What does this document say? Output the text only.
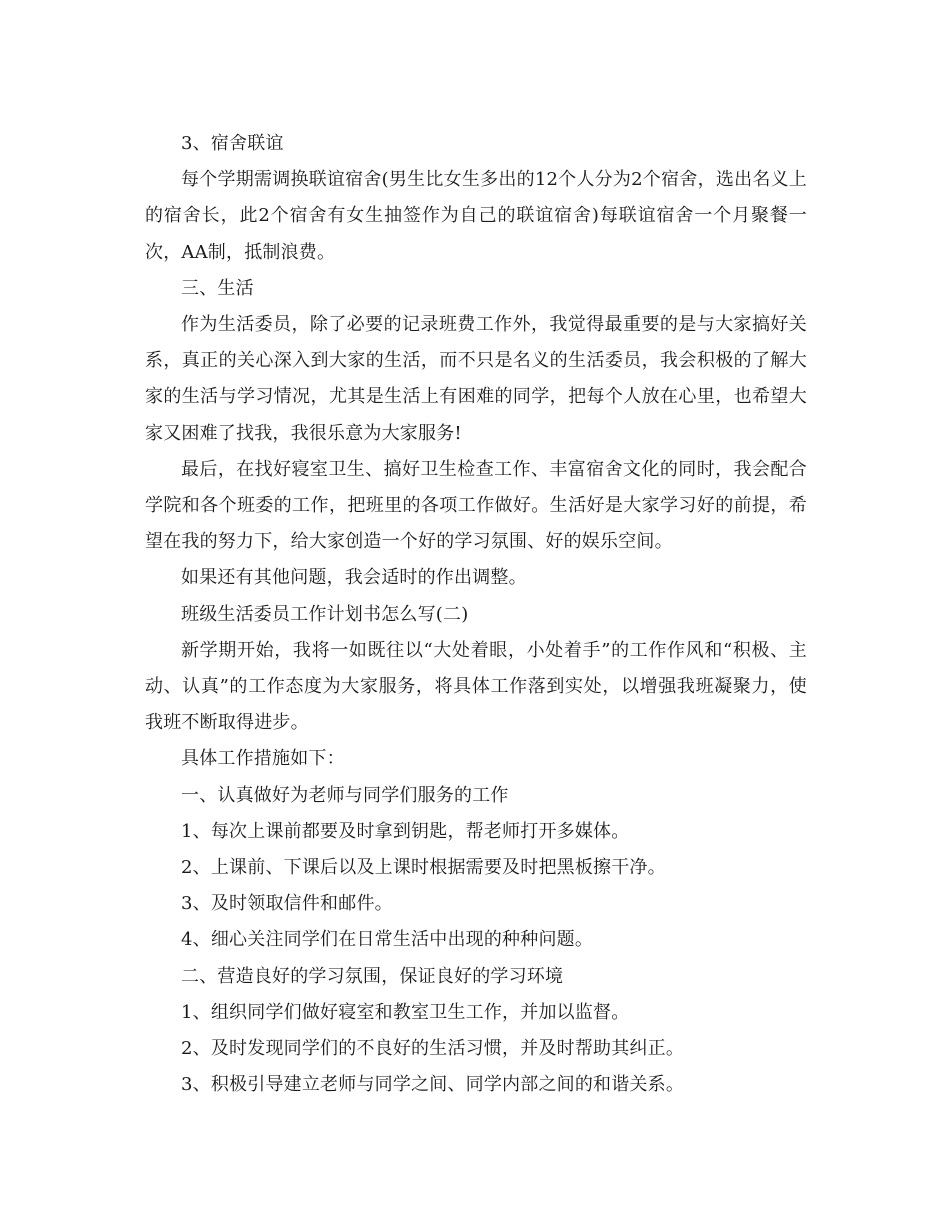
3、宿舍联谊

每个学期需调换联谊宿舍(男生比女生多出的12个人分为2个宿舍，选出名义上的宿舍长，此2个宿舍有女生抽签作为自己的联谊宿舍)每联谊宿舍一个月聚餐一次，AA制，抵制浪费。

三、生活

作为生活委员，除了必要的记录班费工作外，我觉得最重要的是与大家搞好关系，真正的关心深入到大家的生活，而不只是名义的生活委员，我会积极的了解大家的生活与学习情况，尤其是生活上有困难的同学，把每个人放在心里，也希望大家又困难了找我，我很乐意为大家服务!

最后，在找好寝室卫生、搞好卫生检查工作、丰富宿舍文化的同时，我会配合学院和各个班委的工作，把班里的各项工作做好。生活好是大家学习好的前提，希望在我的努力下，给大家创造一个好的学习氛围、好的娱乐空间。

如果还有其他问题，我会适时的作出调整。

班级生活委员工作计划书怎么写(二)

新学期开始，我将一如既往以“大处着眼，小处着手”的工作作风和“积极、主动、认真”的工作态度为大家服务，将具体工作落到实处，以增强我班凝聚力，使我班不断取得进步。

具体工作措施如下：

一、认真做好为老师与同学们服务的工作

1、每次上课前都要及时拿到钥匙，帮老师打开多媒体。

2、上课前、下课后以及上课时根据需要及时把黑板擦干净。

3、及时领取信件和邮件。

4、细心关注同学们在日常生活中出现的种种问题。

二、营造良好的学习氛围，保证良好的学习环境

1、组织同学们做好寝室和教室卫生工作，并加以监督。

2、及时发现同学们的不良好的生活习惯，并及时帮助其纠正。

3、积极引导建立老师与同学之间、同学内部之间的和谐关系。
